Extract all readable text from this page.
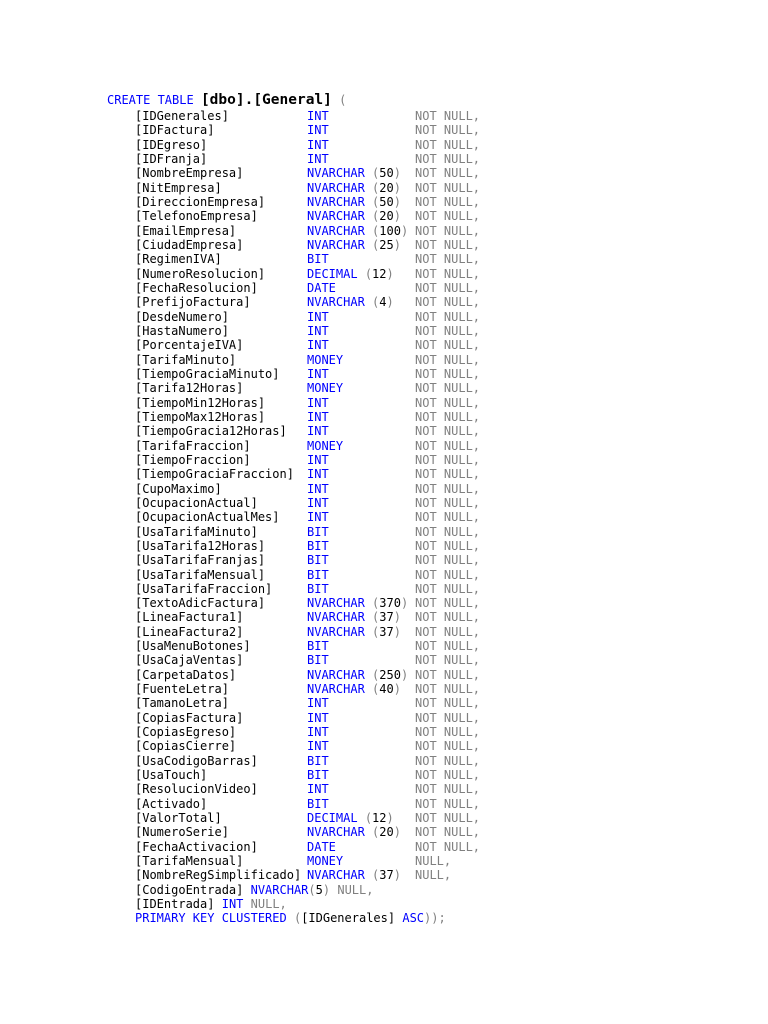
CREATE TABLE [dbo].[General] (
[IDGenerales]	INT	NOT NULL,
[IDFactura]	INT	NOT NULL,
[IDEgreso]	INT	NOT NULL,
[IDFranja]	INT	NOT NULL,
[NombreEmpresa]	NVARCHAR (50) NOT NULL,
[NitEmpresa]	NVARCHAR (20) NOT NULL,
[DireccionEmpresa]	NVARCHAR (50) NOT NULL,
[TelefonoEmpresa]	NVARCHAR (20) NOT NULL,
[EmailEmpresa]	NVARCHAR (100) NOT NULL,
[CiudadEmpresa]	NVARCHAR (25) NOT NULL,
[RegimenIVA]	BIT	NOT NULL,
[NumeroResolucion]	DECIMAL (12) NOT NULL,
[FechaResolucion]	DATE	NOT NULL,
[PrefijoFactura]	NVARCHAR (4) NOT NULL,
[DesdeNumero]	INT	NOT NULL,
[HastaNumero]	INT	NOT NULL,
[PorcentajeIVA]	INT	NOT NULL,
[TarifaMinuto]	MONEY	NOT NULL,
[TiempoGraciaMinuto] INT	NOT NULL,
[Tarifa12Horas]	MONEY	NOT NULL,
[TiempoMin12Horas]	INT	NOT NULL,
[TiempoMax12Horas]	INT	NOT NULL,
[TiempoGracia12Horas] INT	NOT NULL,
[TarifaFraccion]	MONEY	NOT NULL,
[TiempoFraccion]	INT	NOT NULL,
[TiempoGraciaFraccion] INT	NOT NULL,
[CupoMaximo]	INT	NOT NULL,
[OcupacionActual]	INT	NOT NULL,
[OcupacionActualMes] INT	NOT NULL,
[UsaTarifaMinuto]	BIT	NOT NULL,
[UsaTarifa12Horas]	BIT	NOT NULL,
[UsaTarifaFranjas]	BIT	NOT NULL,
[UsaTarifaMensual]	BIT	NOT NULL,
[UsaTarifaFraccion]	BIT	NOT NULL,
[TextoAdicFactura]	NVARCHAR (370) NOT NULL,
[LineaFactura1]	NVARCHAR (37) NOT NULL,
[LineaFactura2]	NVARCHAR (37) NOT NULL,
[UsaMenuBotones]	BIT	NOT NULL,
[UsaCajaVentas]	BIT	NOT NULL,
[CarpetaDatos]	NVARCHAR (250) NOT NULL,
[FuenteLetra]	NVARCHAR (40) NOT NULL,
[TamanoLetra]	INT	NOT NULL,
[CopiasFactura]	INT	NOT NULL,
[CopiasEgreso]	INT	NOT NULL,
[CopiasCierre]	INT	NOT NULL,
[UsaCodigoBarras]	BIT	NOT NULL,
[UsaTouch]	BIT	NOT NULL,
[ResolucionVideo]	INT	NOT NULL,
[Activado]	BIT	NOT NULL,
[ValorTotal]	DECIMAL (12) NOT NULL,
[NumeroSerie]	NVARCHAR (20) NOT NULL,
[FechaActivacion]	DATE	NOT NULL,
[TarifaMensual]	MONEY	NULL,
[NombreRegSimplificado] NVARCHAR (37) NULL,
[CodigoEntrada] NVARCHAR(5) NULL,
[IDEntrada] INT NULL,
PRIMARY KEY CLUSTERED ([IDGenerales] ASC));
